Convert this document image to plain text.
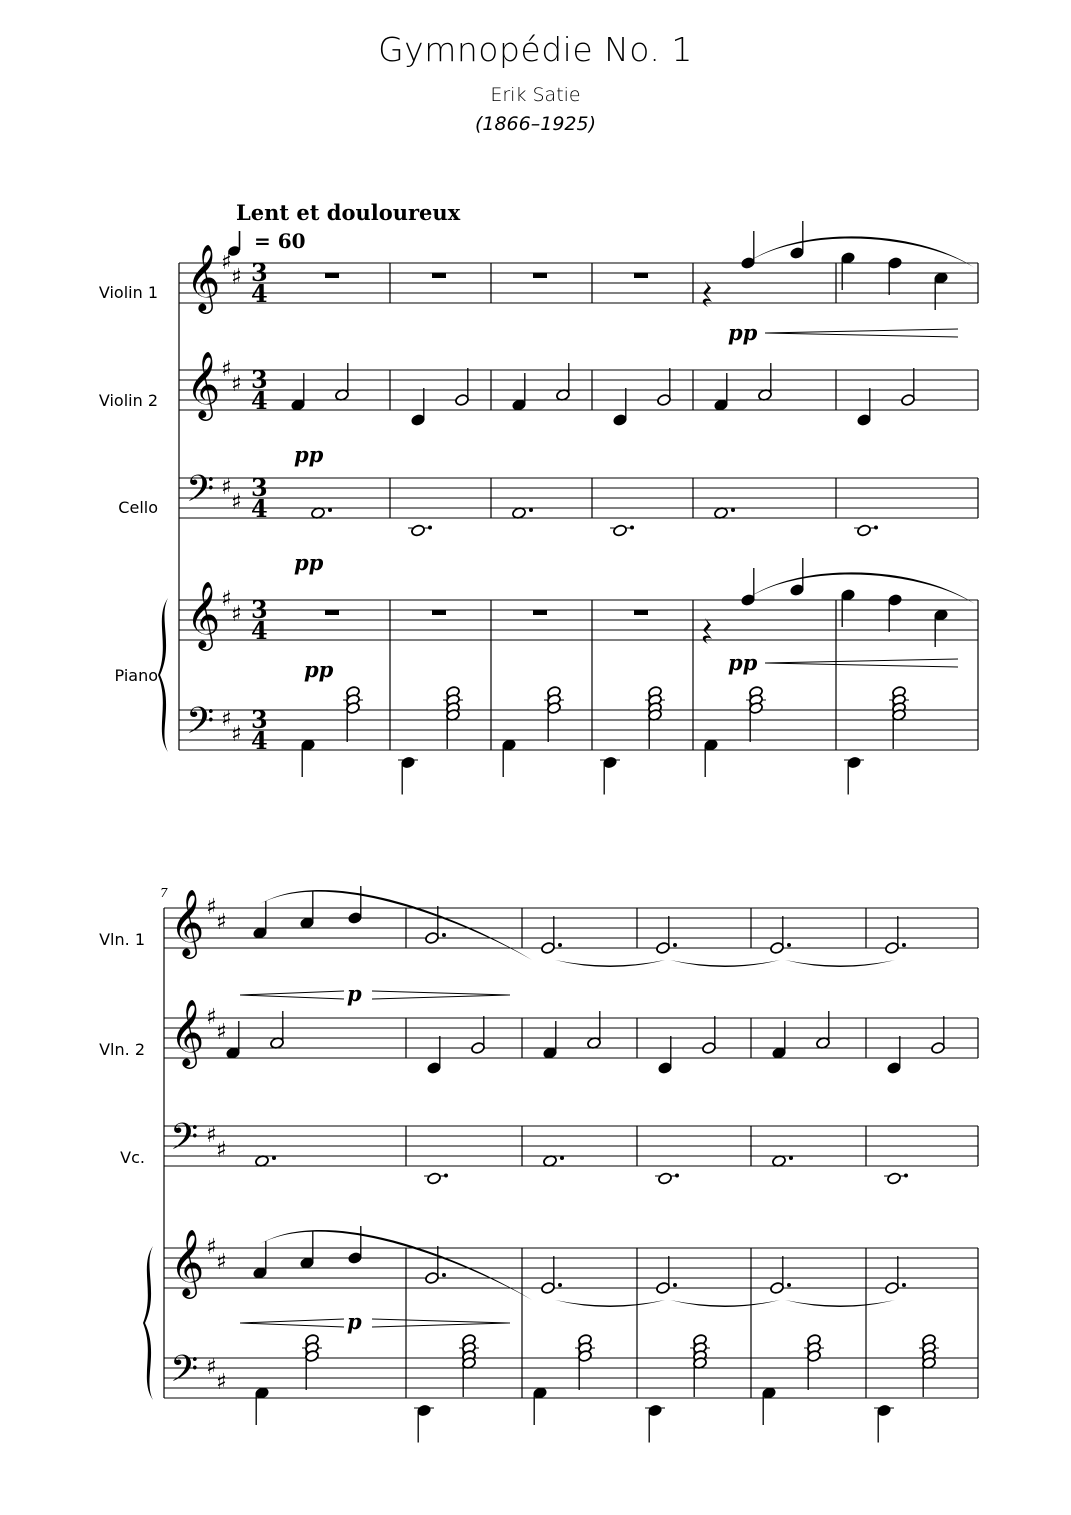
Gymnopédie No. 1
Erik Satie
(1866–1925)
Lent et douloureux
= 60
Violin 1
Violin 2
Cello
Piano
7
Vln. 1
Vln. 2
Vc.
𝄞 ♯
♯ 3
4
𝄞 ♯
♯ 3
4
𝄞 ♯
♯ 3
4
𝄢 ♯
♯
3
4
𝄢 ♯
♯
3
4
pp
pp
pp
pp	pp
𝄞 ♯
♯
𝄞 ♯
♯
𝄞 ♯
♯
𝄢 ♯
♯
𝄢 ♯
♯
p
p
